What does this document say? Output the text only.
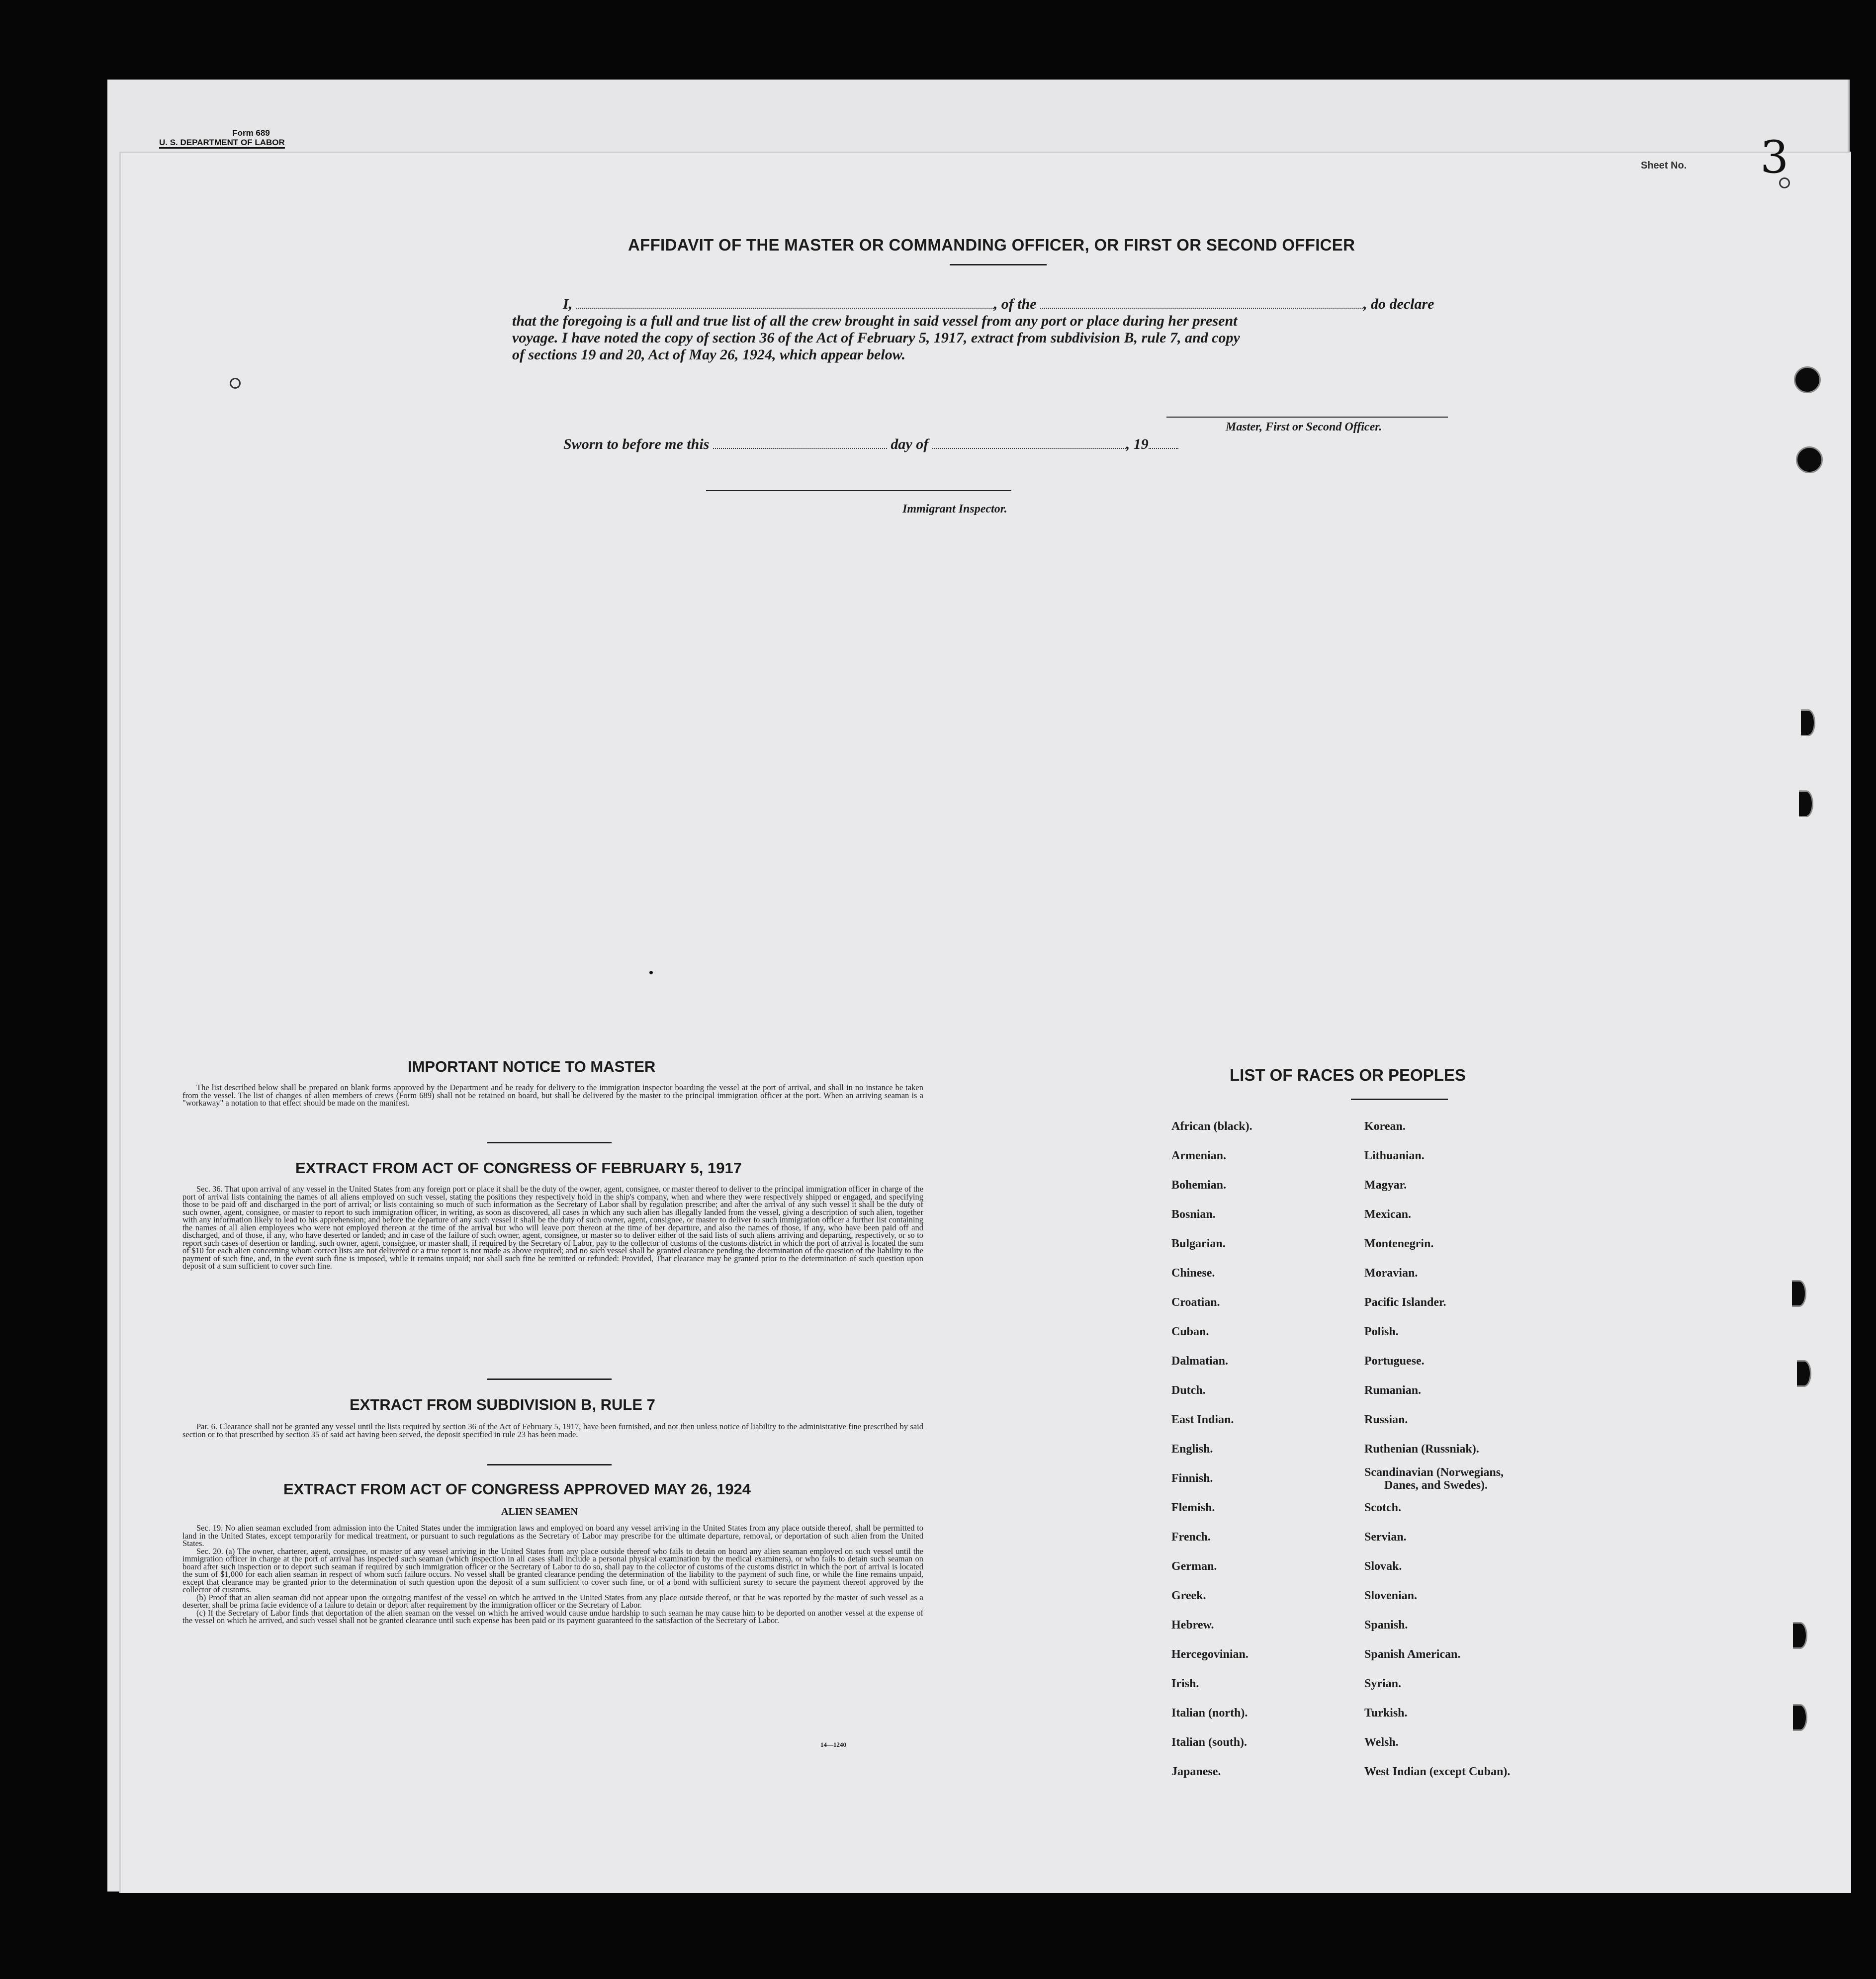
Form 689
U. S. DEPARTMENT OF LABOR
Sheet No. 3
AFFIDAVIT OF THE MASTER OR COMMANDING OFFICER, OR FIRST OR SECOND OFFICER
I,	, of the	, do declare
that the foregoing is a full and true list of all the crew brought in said vessel from any port or place during her present
voyage. I have noted the copy of section 36 of the Act of February 5, 1917, extract from subdivision B, rule 7, and copy
of sections 19 and 20, Act of May 26, 1924, which appear below.
Master, First or Second Officer.
Sworn to before me this	day of	, 19
Immigrant Inspector.
IMPORTANT NOTICE TO MASTER

The list described below shall be prepared on blank forms approved by the Department and be ready for delivery to the immigration inspector boarding the vessel at the port of arrival, and shall in no instance be taken from the vessel. The list of changes of alien members of crews (Form 689) shall not be retained on board, but shall be delivered by the master to the principal immigration officer at the port. When an arriving seaman is a "workaway" a notation to that effect should be made on the manifest.

EXTRACT FROM ACT OF CONGRESS OF FEBRUARY 5, 1917

Sec. 36. That upon arrival of any vessel in the United States from any foreign port or place it shall be the duty of the owner, agent, consignee, or master thereof to deliver to the principal immigration officer in charge of the port of arrival lists containing the names of all aliens employed on such vessel, stating the positions they respectively hold in the ship's company, when and where they were respectively shipped or engaged, and specifying those to be paid off and discharged in the port of arrival; or lists containing so much of such information as the Secretary of Labor shall by regulation prescribe; and after the arrival of any such vessel it shall be the duty of such owner, agent, consignee, or master to report to such immigration officer, in writing, as soon as discovered, all cases in which any such alien has illegally landed from the vessel, giving a description of such alien, together with any information likely to lead to his apprehension; and before the departure of any such vessel it shall be the duty of such owner, agent, consignee, or master to deliver to such immigration officer a further list containing the names of all alien employees who were not employed thereon at the time of the arrival but who will leave port thereon at the time of her departure, and also the names of those, if any, who have been paid off and discharged, and of those, if any, who have deserted or landed; and in case of the failure of such owner, agent, consignee, or master so to deliver either of the said lists of such aliens arriving and departing, respectively, or so to report such cases of desertion or landing, such owner, agent, consignee, or master shall, if required by the Secretary of Labor, pay to the collector of customs of the customs district in which the port of arrival is located the sum of $10 for each alien concerning whom correct lists are not delivered or a true report is not made as above required; and no such vessel shall be granted clearance pending the determination of the question of the liability to the payment of such fine, and, in the event such fine is imposed, while it remains unpaid; nor shall such fine be remitted or refunded: Provided, That clearance may be granted prior to the determination of such question upon deposit of a sum sufficient to cover such fine.

EXTRACT FROM SUBDIVISION B, RULE 7

Par. 6. Clearance shall not be granted any vessel until the lists required by section 36 of the Act of February 5, 1917, have been furnished, and not then unless notice of liability to the administrative fine prescribed by said section or to that prescribed by section 35 of said act having been served, the deposit specified in rule 23 has been made.

EXTRACT FROM ACT OF CONGRESS APPROVED MAY 26, 1924
ALIEN SEAMEN

Sec. 19. No alien seaman excluded from admission into the United States under the immigration laws and employed on board any vessel arriving in the United States from any place outside thereof, shall be permitted to land in the United States, except temporarily for medical treatment, or pursuant to such regulations as the Secretary of Labor may prescribe for the ultimate departure, removal, or deportation of such alien from the United States.

Sec. 20. (a) The owner, charterer, agent, consignee, or master of any vessel arriving in the United States from any place outside thereof who fails to detain on board any alien seaman employed on such vessel until the immigration officer in charge at the port of arrival has inspected such seaman (which inspection in all cases shall include a personal physical examination by the medical examiners), or who fails to detain such seaman on board after such inspection or to deport such seaman if required by such immigration officer or the Secretary of Labor to do so, shall pay to the collector of customs of the customs district in which the port of arrival is located the sum of $1,000 for each alien seaman in respect of whom such failure occurs. No vessel shall be granted clearance pending the determination of the liability to the payment of such fine, or while the fine remains unpaid, except that clearance may be granted prior to the determination of such question upon the deposit of a sum sufficient to cover such fine, or of a bond with sufficient surety to secure the payment thereof approved by the collector of customs.

(b) Proof that an alien seaman did not appear upon the outgoing manifest of the vessel on which he arrived in the United States from any place outside thereof, or that he was reported by the master of such vessel as a deserter, shall be prima facie evidence of a failure to detain or deport after requirement by the immigration officer or the Secretary of Labor.

(c) If the Secretary of Labor finds that deportation of the alien seaman on the vessel on which he arrived would cause undue hardship to such seaman he may cause him to be deported on another vessel at the expense of the vessel on which he arrived, and such vessel shall not be granted clearance until such expense has been paid or its payment guaranteed to the satisfaction of the Secretary of Labor.

14—1240
LIST OF RACES OR PEOPLES
African (black).
Armenian.
Bohemian.
Bosnian.
Bulgarian.
Chinese.
Croatian.
Cuban.
Dalmatian.
Dutch.
East Indian.
English.
Finnish.
Flemish.
French.
German.
Greek.
Hebrew.
Hercegovinian.
Irish.
Italian (north).
Italian (south).
Japanese.
Korean.
Lithuanian.
Magyar.
Mexican.
Montenegrin.
Moravian.
Pacific Islander.
Polish.
Portuguese.
Rumanian.
Russian.
Ruthenian (Russniak).
Scandinavian (Norwegians,
Danes, and Swedes).
Scotch.
Servian.
Slovak.
Slovenian.
Spanish.
Spanish American.
Syrian.
Turkish.
Welsh.
West Indian (except Cuban).
